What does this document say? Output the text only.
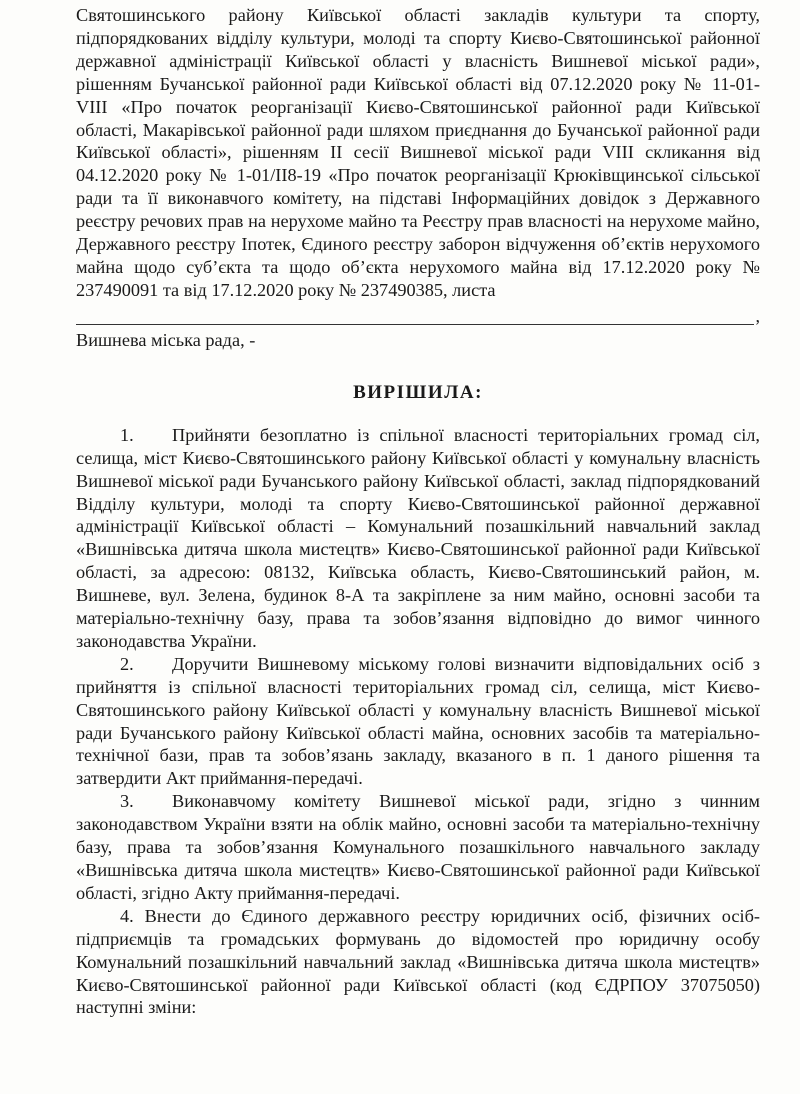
Святошинського району Київської області закладів культури та спорту, підпорядкованих відділу культури, молоді та спорту Києво-Святошинської районної державної адміністрації Київської області у власність Вишневої міської ради», рішенням Бучанської районної ради Київської області від 07.12.2020 року № 11-01- VIII «Про початок реорганізації Києво-Святошинської районної ради Київської області, Макарівської районної ради шляхом приєднання до Бучанської районної ради Київської області», рішенням ІІ сесії Вишневої міської ради VIII скликання від 04.12.2020 року № 1-01/ІІ8-19 «Про початок реорганізації Крюківщинської сільської ради та її виконавчого комітету, на підставі Інформаційних довідок з Державного реєстру речових прав на нерухоме майно та Реєстру прав власності на нерухоме майно, Державного реєстру Іпотек, Єдиного реєстру заборон відчуження об’єктів нерухомого майна щодо суб’єкта та щодо об’єкта нерухомого майна від 17.12.2020 року № 237490091 та від 17.12.2020 року № 237490385, листа

,

Вишнева міська рада, -

ВИРІШИЛА:

1. Прийняти безоплатно із спільної власності територіальних громад сіл, селища, міст Києво-Святошинського району Київської області у комунальну власність Вишневої міської ради Бучанського району Київської області, заклад підпорядкований Відділу культури, молоді та спорту Києво-Святошинської районної державної адміністрації Київської області – Комунальний позашкільний навчальний заклад «Вишнівська дитяча школа мистецтв» Києво-Святошинської районної ради Київської області, за адресою: 08132, Київська область, Києво-Святошинський район, м. Вишневе, вул. Зелена, будинок 8-А та закріплене за ним майно, основні засоби та матеріально-технічну базу, права та зобов’язання відповідно до вимог чинного законодавства України.

2. Доручити Вишневому міському голові визначити відповідальних осіб з прийняття із спільної власності територіальних громад сіл, селища, міст Києво-Святошинського району Київської області у комунальну власність Вишневої міської ради Бучанського району Київської області майна, основних засобів та матеріально-технічної бази, прав та зобов’язань закладу, вказаного в п. 1 даного рішення та затвердити Акт приймання-передачі.

3. Виконавчому комітету Вишневої міської ради, згідно з чинним законодавством України взяти на облік майно, основні засоби та матеріально-технічну базу, права та зобов’язання Комунального позашкільного навчального закладу «Вишнівська дитяча школа мистецтв» Києво-Святошинської районної ради Київської області, згідно Акту приймання-передачі.

4. Внести до Єдиного державного реєстру юридичних осіб, фізичних осіб-підприємців та громадських формувань до відомостей про юридичну особу Комунальний позашкільний навчальний заклад «Вишнівська дитяча школа мистецтв» Києво-Святошинської районної ради Київської області (код ЄДРПОУ 37075050) наступні зміни:
